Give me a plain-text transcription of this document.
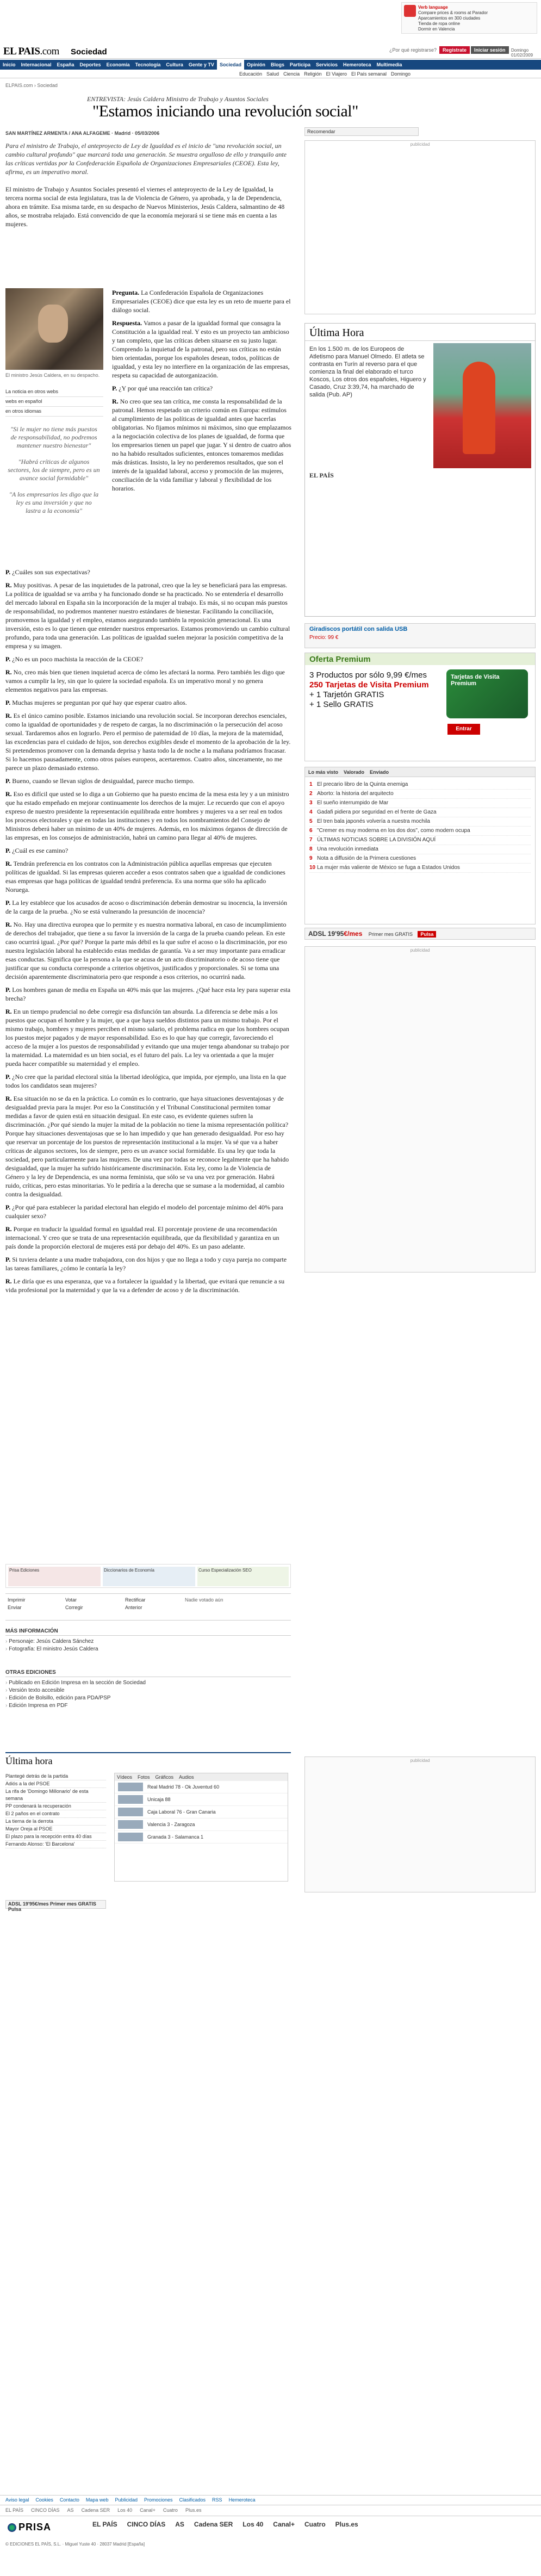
Verb language
Compare prices & rooms at Parador
Aparcamientos en 300 ciudades
Tienda de ropa online
Dormir en Valencia
EL PAIS.com Sociedad	¿Por qué registrarse?	Regístrate	Iniciar sesión	Domingo 01/02/2009
Inicio Internacional España Deportes Economía Tecnología Cultura Gente y TV Sociedad Opinión Blogs Participa Servicios Hemeroteca Multimedia
Educación Salud Ciencia Religión El Viajero El País semanal Domingo
ELPAIS.com › Sociedad
ENTREVISTA: Jesús Caldera Ministro de Trabajo y Asuntos Sociales
"Estamos iniciando una revolución social"
SAN MARTÍNEZ ARMENTA / ANA ALFAGEME · Madrid · 05/03/2006	Recomendar
Para el ministro de Trabajo, el anteproyecto de Ley de Igualdad es el inicio de "una revolución social, un cambio cultural profundo" que marcará toda una generación. Se muestra orgulloso de ello y tranquilo ante las críticas vertidas por la Confederación Española de Organizaciones Empresariales (CEOE). Esta ley, afirma, es un imperativo moral.

El ministro de Trabajo y Asuntos Sociales presentó el viernes el anteproyecto de la Ley de Igualdad, la tercera norma social de esta legislatura, tras la de Violencia de Género, ya aprobada, y la de Dependencia, ahora en trámite. Esa misma tarde, en su despacho de Nuevos Ministerios, Jesús Caldera, salmantino de 48 años, se mostraba relajado. Está convencido de que la economía mejorará si se tiene más en cuenta a las mujeres.

El ministro Jesús Caldera, en su despacho.
La noticia en otros webs
webs en español
en otros idiomas
"Si le mujer no tiene más puestos de responsabilidad, no podremos mantener nuestro bienestar"
"Habrá críticas de algunos sectores, los de siempre, pero es un avance social formidable"
"A los empresarios les digo que la ley es una inversión y que no lastra a la economía"

Pregunta. La Confederación Española de Organizaciones Empresariales (CEOE) dice que esta ley es un reto de muerte para el diálogo social.

Respuesta. Vamos a pasar de la igualdad formal que consagra la Constitución a la igualdad real. Y esto es un proyecto tan ambicioso y tan completo, que las críticas deben situarse en su justo lugar. Comprendo la inquietud de la patronal, pero sus críticas no están bien orientadas, porque los españoles desean, todos, políticas de igualdad, y esta ley no interfiere en la organización de las empresas, respeta su capacidad de autorganización.

P. ¿Y por qué una reacción tan crítica?

R. No creo que sea tan crítica, me consta la responsabilidad de la patronal. Hemos respetado un criterio común en Europa: estímulos al cumplimiento de las políticas de igualdad antes que hacerlas obligatorias. No fijamos mínimos ni máximos, sino que emplazamos a la negociación colectiva de los planes de igualdad, de forma que los empresarios tienen un papel que jugar. Y si dentro de cuatro años no ha habido resultados suficientes, entonces tomaremos medidas más drásticas. Insisto, la ley no perderemos resultados, que son el interés de la igualdad laboral, acceso y promoción de las mujeres, conciliación de la vida familiar y laboral y flexibilidad de los horarios.

P. ¿Cuáles son sus expectativas?

R. Muy positivas. A pesar de las inquietudes de la patronal, creo que la ley se beneficiará para las empresas. La política de igualdad se va arriba y ha funcionado donde se ha practicado. No se entendería el desarrollo del mercado laboral en España sin la incorporación de la mujer al trabajo. Es más, si no ocupan más puestos de responsabilidad, no podremos mantener nuestro estándares de bienestar. Facilitando la conciliación, promovemos la igualdad y el empleo, estamos asegurando también la reposición generacional. Es una inversión, esto es lo que tienen que entender nuestros empresarios. Estamos promoviendo un cambio cultural profundo, para toda una generación. Las políticas de igualdad suelen mejorar la posición competitiva de la empresa y su imagen.

P. ¿No es un poco machista la reacción de la CEOE?

R. No, creo más bien que tienen inquietud acerca de cómo les afectará la norma. Pero también les digo que vamos a cumplir la ley, sin que lo quiere la sociedad española. Es un imperativo moral y no genera elementos negativos para las empresas.

P. Muchas mujeres se preguntan por qué hay que esperar cuatro años.

R. Es el único camino posible. Estamos iniciando una revolución social. Se incorporan derechos esenciales, como la igualdad de oportunidades y de respeto de cargas, la no discriminación o la persecución del acoso sexual. Tardaremos años en lograrlo. Pero el permiso de paternidad de 10 días, la mejora de la maternidad, las excedencias para el cuidado de hijos, son derechos exigibles desde el momento de la aprobación de la ley. Si pretendemos promover con la demanda deprisa y hasta todo la de noche a la mañana podríamos fracasar. Si lo hacemos pausadamente, como otros países europeos, acertaremos. Cuatro años, sinceramente, no me parece un plazo demasiado extenso.

P. Bueno, cuando se llevan siglos de desigualdad, parece mucho tiempo.

R. Eso es difícil que usted se lo diga a un Gobierno que ha puesto encima de la mesa esta ley y a un ministro que ha estado empeñado en mejorar continuamente los derechos de la mujer. Le recuerdo que con el apoyo expreso de nuestro presidente la representación equilibrada entre hombres y mujeres va a ser real en todos los procesos electorales y que en todas las instituciones y en todos los nombramientos del Consejo de Ministros deberá haber un mínimo de un 40% de mujeres. Además, en los máximos órganos de dirección de las empresas, en los consejos de administración, habrá un camino para llegar al 40% de mujeres.

P. ¿Cuál es ese camino?

R. Tendrán preferencia en los contratos con la Administración pública aquellas empresas que ejecuten políticas de igualdad. Si las empresas quieren acceder a esos contratos saben que a igualdad de condiciones esas empresas que haga políticas de igualdad tendrá preferencia. Es una norma que sólo ha aplicado Noruega.

P. La ley establece que los acusados de acoso o discriminación deberán demostrar su inocencia, la inversión de la carga de la prueba. ¿No se está vulnerando la presunción de inocencia?

R. No. Hay una directiva europea que lo permite y es nuestra normativa laboral, en caso de incumplimiento de derechos del trabajador, que tiene a su favor la inversión de la carga de la prueba cuando pelean. En este caso ocurrirá igual. ¿Por qué? Porque la parte más débil es la que sufre el acoso o la discriminación, por eso nuestra legislación laboral ha establecido estas medidas de garantía. Va a ser muy importante para erradicar esas conductas. Significa que la persona a la que se acusa de un acto discriminatorio o de acoso tiene que justificar que su conducta corresponde a criterios objetivos, justificados y proporcionales. Si se toma una decisión aparentemente discriminatoria pero que responde a esos criterios, no ocurrirá nada.

P. Los hombres ganan de media en España un 40% más que las mujeres. ¿Qué hace esta ley para superar esta brecha?

R. En un tiempo prudencial no debe corregir esa disfunción tan absurda. La diferencia se debe más a los puestos que ocupan el hombre y la mujer, que a que haya sueldos distintos para un mismo trabajo. Por el mismo trabajo, hombres y mujeres perciben el mismo salario, el problema radica en que los hombres ocupan los puestos mejor pagados y de mayor responsabilidad. Eso es lo que hay que corregir, favoreciendo el acceso de la mujer a los puestos de responsabilidad y evitando que una mujer tenga abandonar su trabajo por la maternidad. La maternidad es un bien social, es el futuro del país. La ley va orientada a que la mujer pueda hacer compatible su maternidad y el empleo.

P. ¿No cree que la paridad electoral sitúa la libertad ideológica, que impida, por ejemplo, una lista en la que todos los candidatos sean mujeres?

R. Esa situación no se da en la práctica. Lo común es lo contrario, que haya situaciones desventajosas y de desigualdad previa para la mujer. Por eso la Constitución y el Tribunal Constitucional permiten tomar medidas a favor de quien está en situación desigual. En este caso, es evidente quienes sufren la discriminación. ¿Por qué siendo la mujer la mitad de la población no tiene la misma representación política? Porque hay situaciones desventajosas que se lo han impedido y que han generado desigualdad. Por eso hay que reservar un porcentaje de los puestos de representación institucional a la mujer. Va sé que va a haber críticas de algunos sectores, los de siempre, pero es un avance social formidable. Es una ley que toda la sociedad, pero particularmente para las mujeres. De una vez por todas se reconoce legalmente que ha habido desigualdad, que la mujer ha sufrido históricamente discriminación. Esta ley, como la de Violencia de Género y la ley de Dependencia, es una norma feminista, que sólo se va una vez por generación. Habrá ruido, críticas, pero estas minoritarias. Yo le pediría a la derecha que se sumase a la modernidad, al cambio contra la desigualdad.

P. ¿Por qué para establecer la paridad electoral han elegido el modelo del porcentaje mínimo del 40% para cualquier sexo?

R. Porque en traducir la igualdad formal en igualdad real. El porcentaje proviene de una recomendación internacional. Y creo que se trata de una representación equilibrada, que da flexibilidad y garantiza en un país donde la proporción electoral de mujeres está por debajo del 40%. Es un paso adelante.

P. Si tuviera delante a una madre trabajadora, con dos hijos y que no llega a todo y cuya pareja no comparte las tareas familiares, ¿cómo le contaría la ley?

R. Le diría que es una esperanza, que va a fortalecer la igualdad y la libertad, que evitará que renuncie a su vida profesional por la maternidad y que la va a defender de acoso y de la discriminación.

publicidad
Última Hora
En los 1.500 m. de los Europeos de Atletismo para Manuel Olmedo. El atleta se contrasta en Turín al reverso para el que comienza la final del elaborado el turco Koscos, Los otros dos españoles, Higuero y Casado, Cruz 3:39,74, ha marchado de salida (Pub. AP)
EL PAÍS
Giradiscos portátil con salida USB
Precio: 99 €
Oferta Premium
3 Productos por sólo 9,99 €/mes
250 Tarjetas de Visita Premium
+ 1 Tarjetón GRATIS
+ 1 Sello GRATIS
Tarjetas de Visita Premium
Entrar
Lo más visto Valorado Enviado
1 El precario libro de la Quinta enemiga
2 Aborto: la historia del arquitecto
3 El sueño interrumpido de Mar
4 Gadafi pidiera por seguridad en el frente de Gaza
5 El tren bala japonés volvería a nuestra mochila
6 "Cremer es muy moderna en los dos dos", como modern ocupa
7 ÚLTIMAS NOTICIAS SOBRE LA DIVISIÓN AQUÍ
8 Una revolución inmediata
9 Nota a diffusión de la Primera cuestiones
10 La mujer más valiente de México se fuga a Estados Unidos
ADSL 19'95€/mes Primer mes GRATIS Pulsa
publicidad
Prisa Ediciones	Diccionarios de Economía	Curso Especialización SEO
Imprimir
Enviar
Votar
Corregir
Rectificar
Anterior
Nadie votado aún
MÁS INFORMACIÓN
› Personaje: Jesús Caldera Sánchez
› Fotografía: El ministro Jesús Caldera
OTRAS EDICIONES
› Publicado en Edición Impresa en la sección de Sociedad
› Versión texto accesible
› Edición de Bolsillo, edición para PDA/PSP
› Edición Impresa en PDF
Última hora
Plantegé detrás de la partida
Adiós a la del PSOE
La rifa de 'Domingo Millonario' de esta semana
PP condenará la recuperación
El 2 paños en el contrato
La tierna de la derrota
Mayor Oreja al PSOE
El plazo para la recepción entra 40 días
Fernando Alonso: 'El Barcelona'
Vídeos Fotos Gráficos Audios
Real Madrid 78 - Ok Juventud 60
Unicaja 88
Caja Laboral 76 - Gran Canaria
Valencia 3 - Zaragoza
Granada 3 - Salamanca 1
ADSL 19'95€/mes Primer mes GRATIS Pulsa
publicidad
Aviso legal Cookies Contacto Mapa web Publicidad Promociones Clasificados RSS Hemeroteca
EL PAÍS CINCO DÍAS AS Cadena SER Los 40 Canal+ Cuatro Plus.es
PRISA	EL PAÍS CINCO DÍAS AS Cadena SER Los 40 Canal+ Cuatro Plus.es
© EDICIONES EL PAÍS, S.L. · Miguel Yuste 40 · 28037 Madrid [España]
